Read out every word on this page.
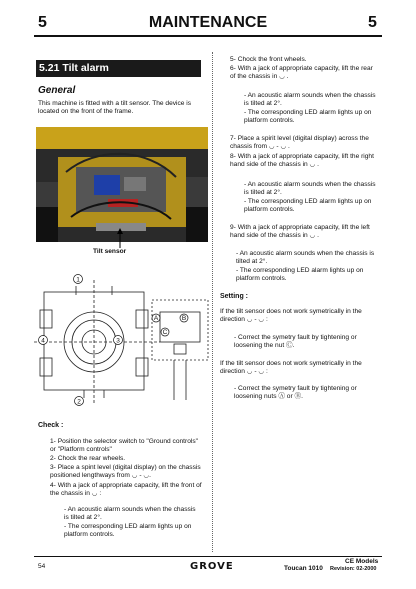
5	MAINTENANCE	5
5.21 Tilt alarm
General
This machine is fitted with a tilt sensor. The device is located on the front of the frame.
Tilt sensor
1
2
3
4
A	B
C
Check :
1- Position the selector switch to "Ground controls" or "Platform controls"
2- Chock the rear wheels.
3- Place a spint level (digital display) on the chassis positioned lengthways from ◡ - ◡.
4- With a jack of appropriate capacity, lift the front of the chassis in ◡ :
- An acoustic alarm sounds when the chassis is tilted at 2°.
- The corresponding LED alarm lights up on platform controls.
5- Chock the front wheels.
6- With a jack of appropriate capacity, lift the rear of the chassis in ◡ .
- An acoustic alarm sounds when the chassis is tilted at 2°.
- The corresponding LED alarm lights up on platform controls.
7- Place a spirit level (digital display) across the chassis from ◡ - ◡ .
8- With a jack of appropriate capacity, lift the right hand side of the chassis in ◡ .
- An acoustic alarm sounds when the chassis is tilted at 2°.
- The corresponding LED alarm lights up on platform controls.
9- With a jack of appropriate capacity, lift the left hand side of the chassis in ◡ .
- An acoustic alarm sounds when the chassis is tilted at 2°.
- The corresponding LED alarm lights up on platform controls.
Setting :
If the tilt sensor does not work symetrically in the direction ◡ - ◡ :
- Correct the symetry fault by tightening or loosening the nut Ⓒ.
If the tilt sensor does not work symetrically in the direction ◡ - ◡ :
- Correct the symetry fault by tightening or loosening nuts Ⓐ or Ⓑ.
54	GROVE	Toucan 1010
CE Models
Revision: 02-2000
